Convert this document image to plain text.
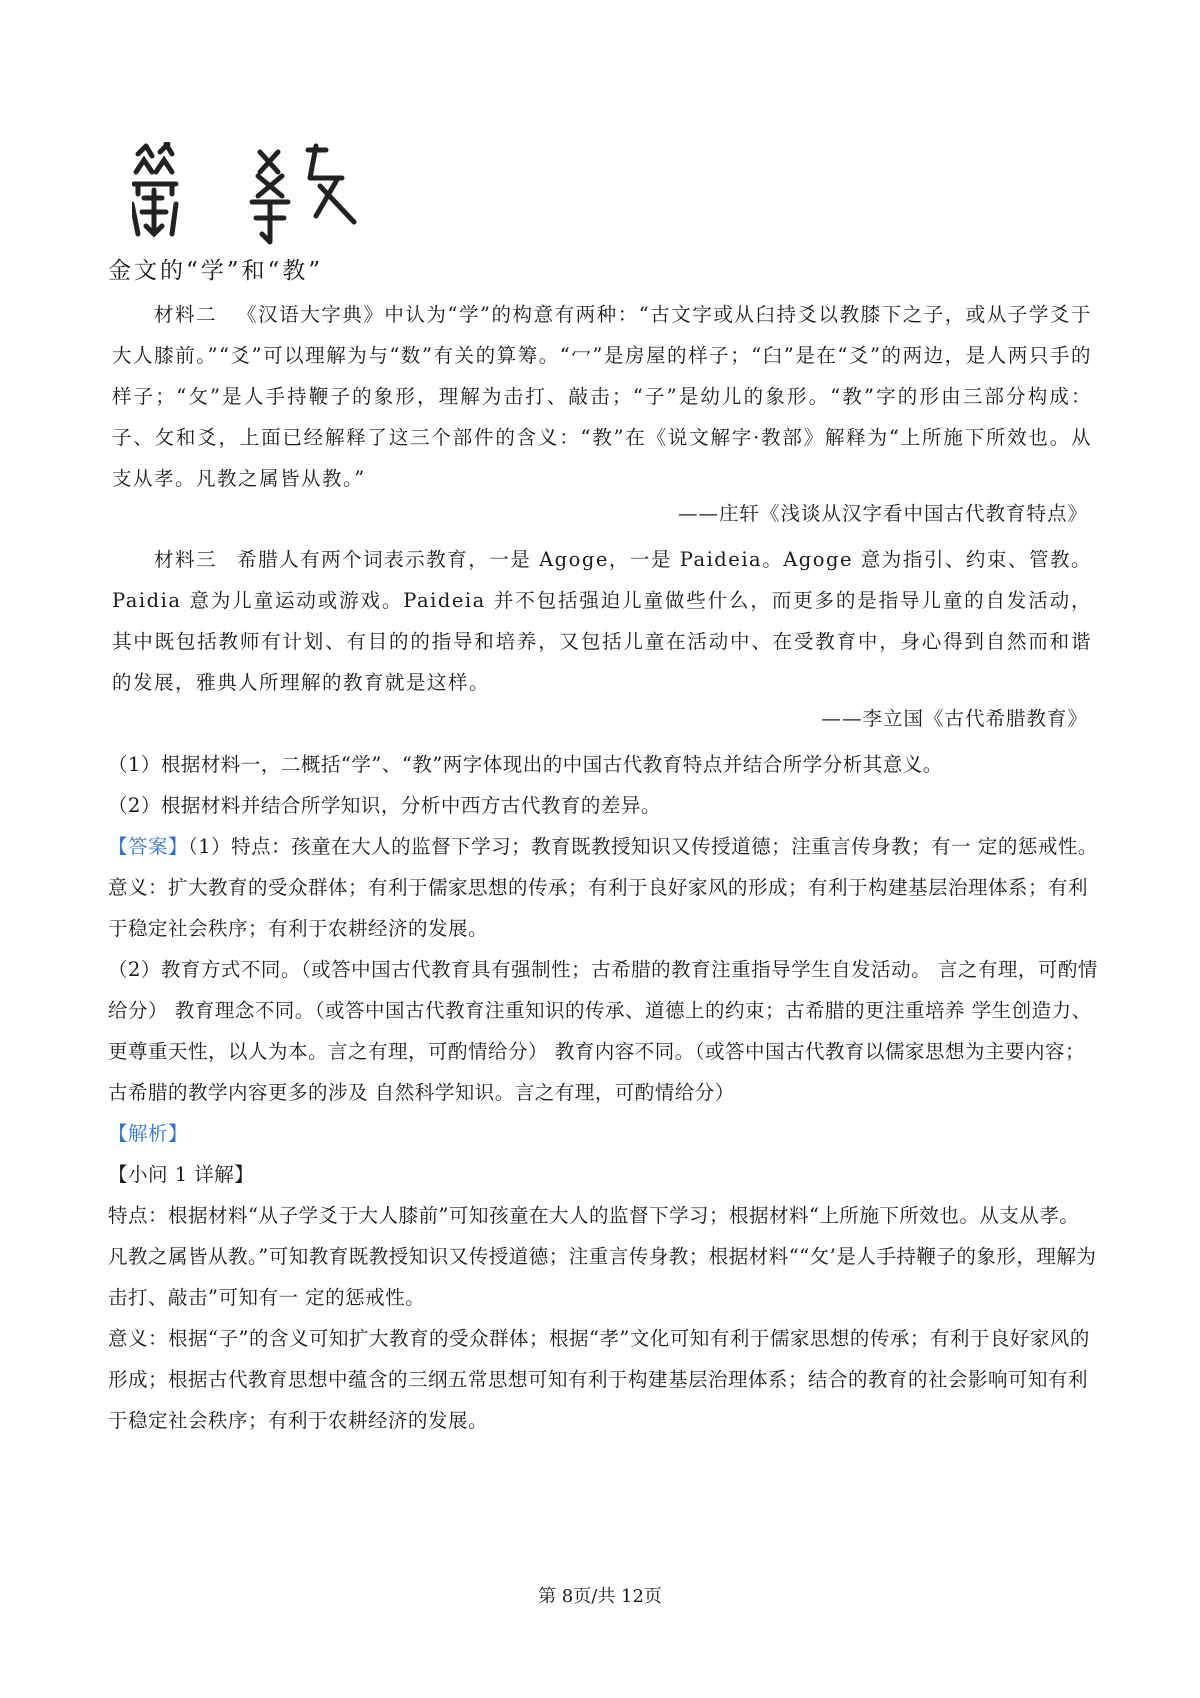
金文的“学”和“教”

材料二 《汉语大字典》中认为“学”的构意有两种：“古文字或从臼持爻以教膝下之子，或从子学爻于大人膝前。”“爻”可以理解为与“数”有关的算筹。“冖”是房屋的样子；“臼”是在“爻”的两边，是人两只手的样子；“攵”是人手持鞭子的象形，理解为击打、敲击；“子”是幼儿的象形。“教”字的形由三部分构成：子、攵和爻，上面已经解释了这三个部件的含义：“教”在《说文解字·教部》解释为“上所施下所效也。从支从孝。凡教之属皆从教。”

——庄轩《浅谈从汉字看中国古代教育特点》

材料三 希腊人有两个词表示教育，一是 Agoge，一是 Paideia。Agoge 意为指引、约束、管教。Paidia 意为儿童运动或游戏。Paideia 并不包括强迫儿童做些什么，而更多的是指导儿童的自发活动，其中既包括教师有计划、有目的的指导和培养，又包括儿童在活动中、在受教育中，身心得到自然而和谐的发展，雅典人所理解的教育就是这样。

——李立国《古代希腊教育》

（1）根据材料一，二概括“学”、“教”两字体现出的中国古代教育特点并结合所学分析其意义。

（2）根据材料并结合所学知识，分析中西方古代教育的差异。

【答案】（1）特点：孩童在大人的监督下学习；教育既教授知识又传授道德；注重言传身教；有一 定的惩戒性。

意义：扩大教育的受众群体；有利于儒家思想的传承；有利于良好家风的形成；有利于构建基层治理体系；有利于稳定社会秩序；有利于农耕经济的发展。

（2）教育方式不同。（或答中国古代教育具有强制性；古希腊的教育注重指导学生自发活动。 言之有理，可酌情给分） 教育理念不同。（或答中国古代教育注重知识的传承、道德上的约束；古希腊的更注重培养 学生创造力、更尊重天性，以人为本。言之有理，可酌情给分） 教育内容不同。（或答中国古代教育以儒家思想为主要内容；古希腊的教学内容更多的涉及 自然科学知识。言之有理，可酌情给分）

【解析】

【小问 1 详解】

特点：根据材料“从子学爻于大人膝前”可知孩童在大人的监督下学习；根据材料“上所施下所效也。从支从孝。凡教之属皆从教。”可知教育既教授知识又传授道德；注重言传身教；根据材料““攵’是人手持鞭子的象形，理解为击打、敲击”可知有一 定的惩戒性。

意义：根据“子”的含义可知扩大教育的受众群体；根据“孝”文化可知有利于儒家思想的传承；有利于良好家风的形成；根据古代教育思想中蕴含的三纲五常思想可知有利于构建基层治理体系；结合的教育的社会影响可知有利于稳定社会秩序；有利于农耕经济的发展。

第 8页/共 12页
